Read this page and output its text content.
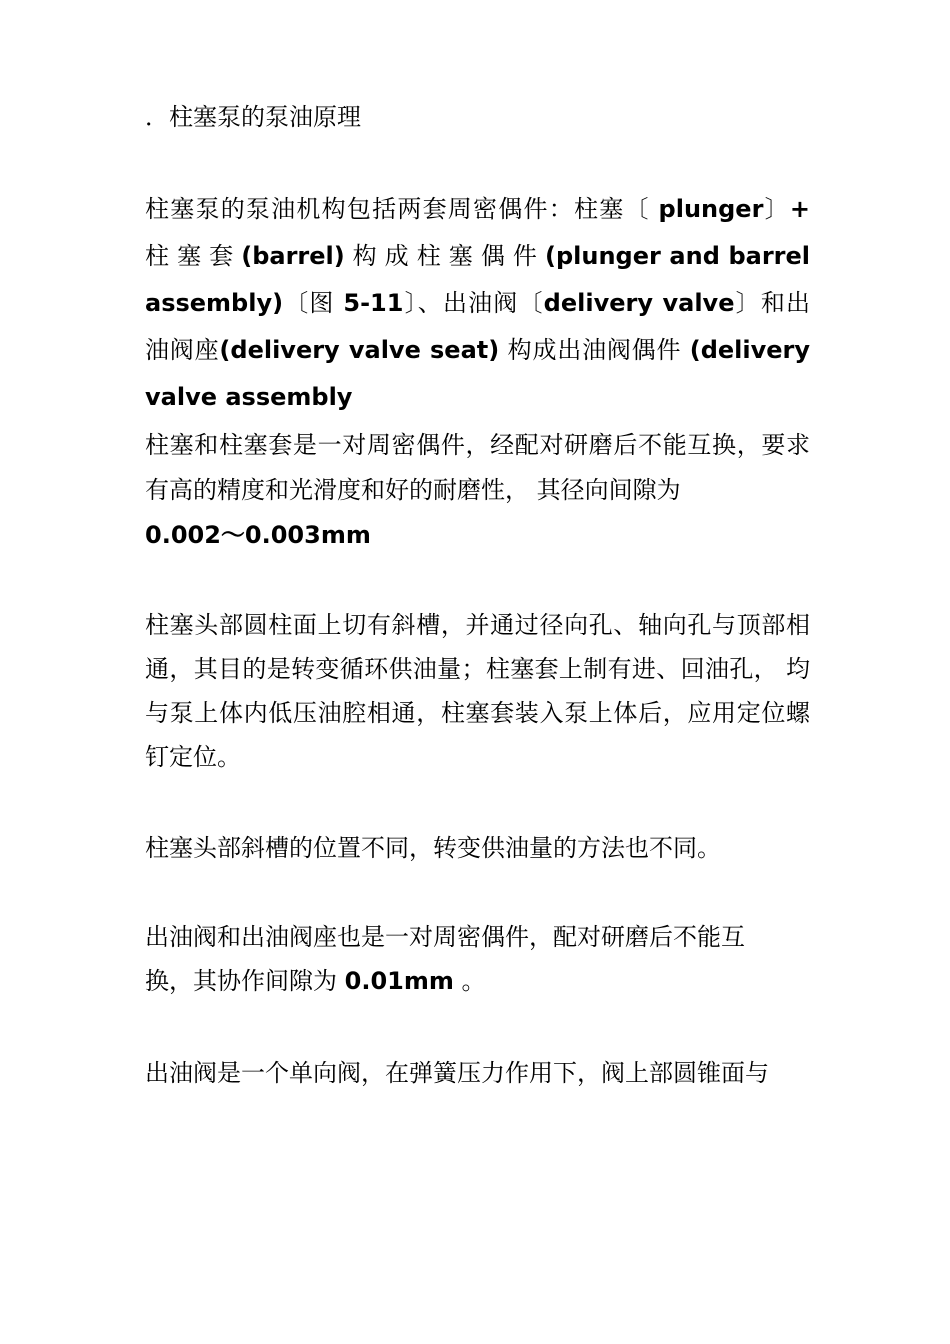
．柱塞泵的泵油原理
柱塞泵的泵油机构包括两套周密偶件：柱塞〔 plunger〕+ 柱 塞 套 (barrel) 构 成 柱 塞 偶 件 (plunger and barrel assembly)〔图 5-11〕、出油阀〔delivery valve〕和出油阀座(delivery valve seat) 构成出油阀偶件 (delivery valve assembly
柱塞和柱塞套是一对周密偶件，经配对研磨后不能互换，要求有高的精度和光滑度和好的耐磨性， 其径向间隙为
0.002～0.003mm
柱塞头部圆柱面上切有斜槽，并通过径向孔、轴向孔与顶部相通，其目的是转变循环供油量；柱塞套上制有进、回油孔， 均与泵上体内低压油腔相通，柱塞套装入泵上体后，应用定位螺钉定位。
柱塞头部斜槽的位置不同，转变供油量的方法也不同。
出油阀和出油阀座也是一对周密偶件，配对研磨后不能互
换，其协作间隙为 0.01mm 。
出油阀是一个单向阀，在弹簧压力作用下，阀上部圆锥面与
